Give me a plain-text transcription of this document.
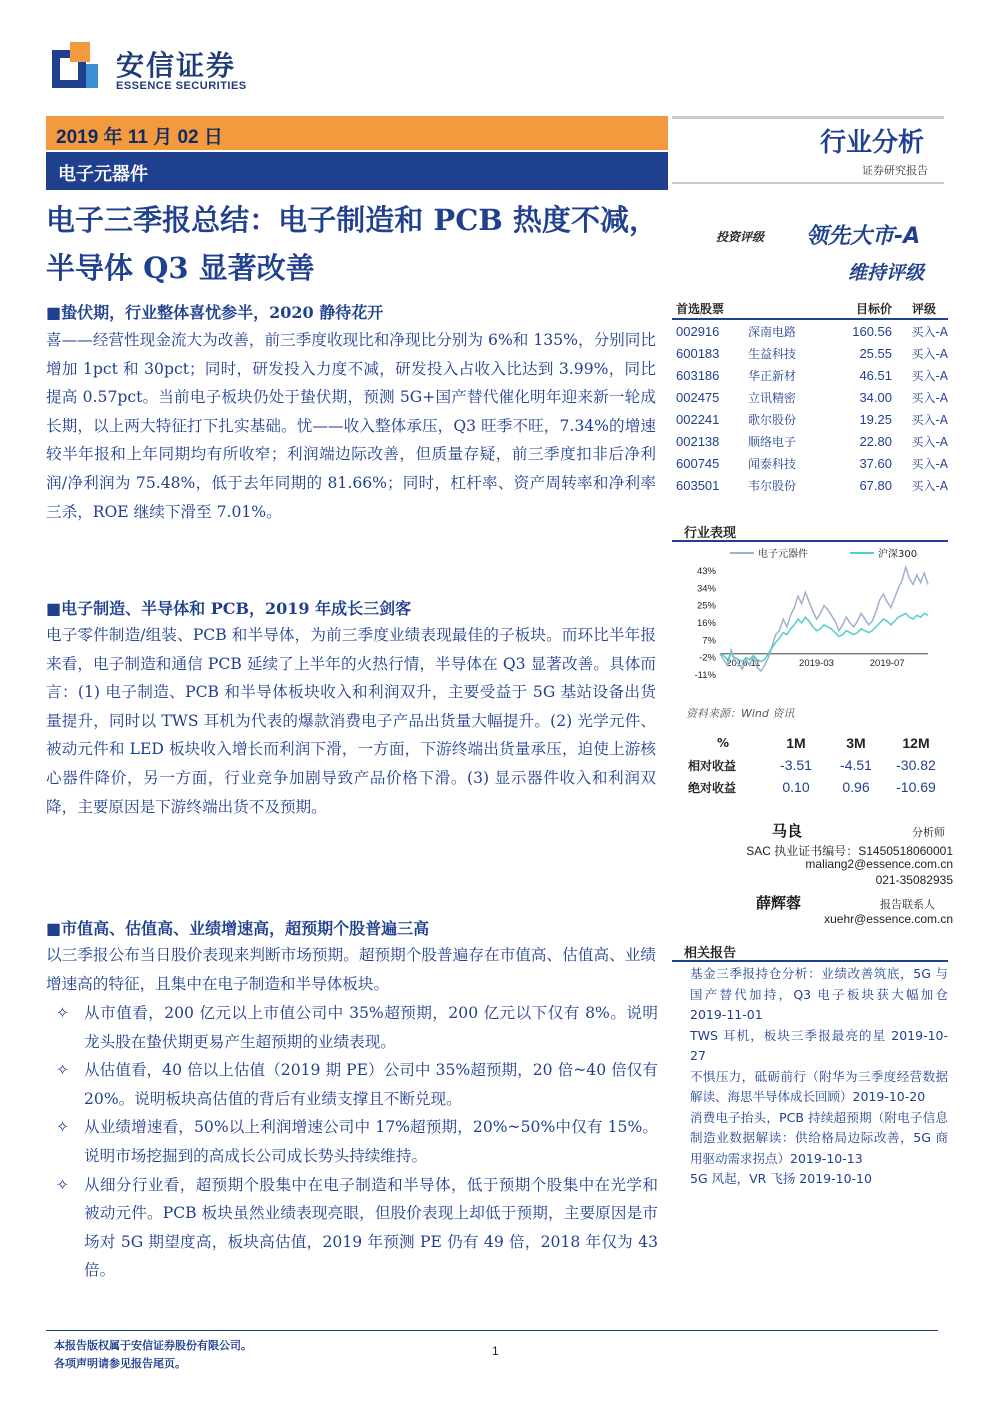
安信证券
ESSENCE SECURITIES
2019 年 11 月 02 日
电子元器件
行业分析
证券研究报告
电子三季报总结：电子制造和 PCB 热度不减，半导体 Q3 显著改善
投资评级 领先大市-A
维持评级
■蛰伏期，行业整体喜忧参半，2020 静待花开
喜——经营性现金流大为改善，前三季度收现比和净现比分别为 6%和 135%，分别同比增加 1pct 和 30pct；同时，研发投入力度不减，研发投入占收入比达到 3.99%，同比提高 0.57pct。当前电子板块仍处于蛰伏期，预测 5G+国产替代催化明年迎来新一轮成长期，以上两大特征打下扎实基础。忧——收入整体承压，Q3 旺季不旺，7.34%的增速较半年报和上年同期均有所收窄；利润端边际改善，但质量存疑，前三季度扣非后净利润/净利润为 75.48%，低于去年同期的 81.66%；同时，杠杆率、资产周转率和净利率三杀，ROE 继续下滑至 7.01%。
■电子制造、半导体和 PCB，2019 年成长三剑客
电子零件制造/组装、PCB 和半导体，为前三季度业绩表现最佳的子板块。而环比半年报来看，电子制造和通信 PCB 延续了上半年的火热行情，半导体在 Q3 显著改善。具体而言：(1) 电子制造、PCB 和半导体板块收入和利润双升，主要受益于 5G 基站设备出货量提升，同时以 TWS 耳机为代表的爆款消费电子产品出货量大幅提升。(2) 光学元件、被动元件和 LED 板块收入增长而利润下滑，一方面，下游终端出货量承压，迫使上游核心器件降价，另一方面，行业竞争加剧导致产品价格下滑。(3) 显示器件收入和利润双降，主要原因是下游终端出货不及预期。
■市值高、估值高、业绩增速高，超预期个股普遍三高
以三季报公布当日股价表现来判断市场预期。超预期个股普遍存在市值高、估值高、业绩增速高的特征，且集中在电子制造和半导体板块。
✧ 从市值看，200 亿元以上市值公司中 35%超预期，200 亿元以下仅有 8%。说明龙头股在蛰伏期更易产生超预期的业绩表现。
✧ 从估值看，40 倍以上估值（2019 期 PE）公司中 35%超预期，20 倍~40 倍仅有 20%。说明板块高估值的背后有业绩支撑且不断兑现。
✧ 从业绩增速看，50%以上利润增速公司中 17%超预期，20%~50%中仅有 15%。说明市场挖掘到的高成长公司成长势头持续维持。
✧ 从细分行业看，超预期个股集中在电子制造和半导体，低于预期个股集中在光学和被动元件。PCB 板块虽然业绩表现亮眼，但股价表现上却低于预期，主要原因是市场对 5G 期望度高，板块高估值，2019 年预测 PE 仍有 49 倍，2018 年仅为 43 倍。
首选股票	目标价	评级
002916	深南电路	160.56	买入-A
600183	生益科技	25.55	买入-A
603186	华正新材	46.51	买入-A
002475	立讯精密	34.00	买入-A
002241	歌尔股份	19.25	买入-A
002138	顺络电子	22.80	买入-A
600745	闻泰科技	37.60	买入-A
603501	韦尔股份	67.80	买入-A
行业表现
电子元器件	沪深300
43%
34%
25%
16%
7%
-2%
-11%
2018-11	2019-03	2019-07
资料来源：Wind 资讯
%	1M	3M	12M
相对收益	-3.51	-4.51	-30.82
绝对收益	0.10	0.96	-10.69
马良	分析师
SAC 执业证书编号：S1450518060001
maliang2@essence.com.cn
021-35082935
薛辉蓉	报告联系人
xuehr@essence.com.cn
相关报告
基金三季报持仓分析：业绩改善筑底，5G 与国产替代加持，Q3 电子板块获大幅加仓 2019-11-01
TWS 耳机，板块三季报最亮的星 2019-10-27
不惧压力，砥砺前行（附华为三季度经营数据解读、海思半导体成长回顾）2019-10-20
消费电子抬头，PCB 持续超预期（附电子信息制造业数据解读：供给格局边际改善，5G 商用驱动需求拐点）2019-10-13
5G 风起，VR 飞扬 2019-10-10
本报告版权属于安信证券股份有限公司。
各项声明请参见报告尾页。
1
